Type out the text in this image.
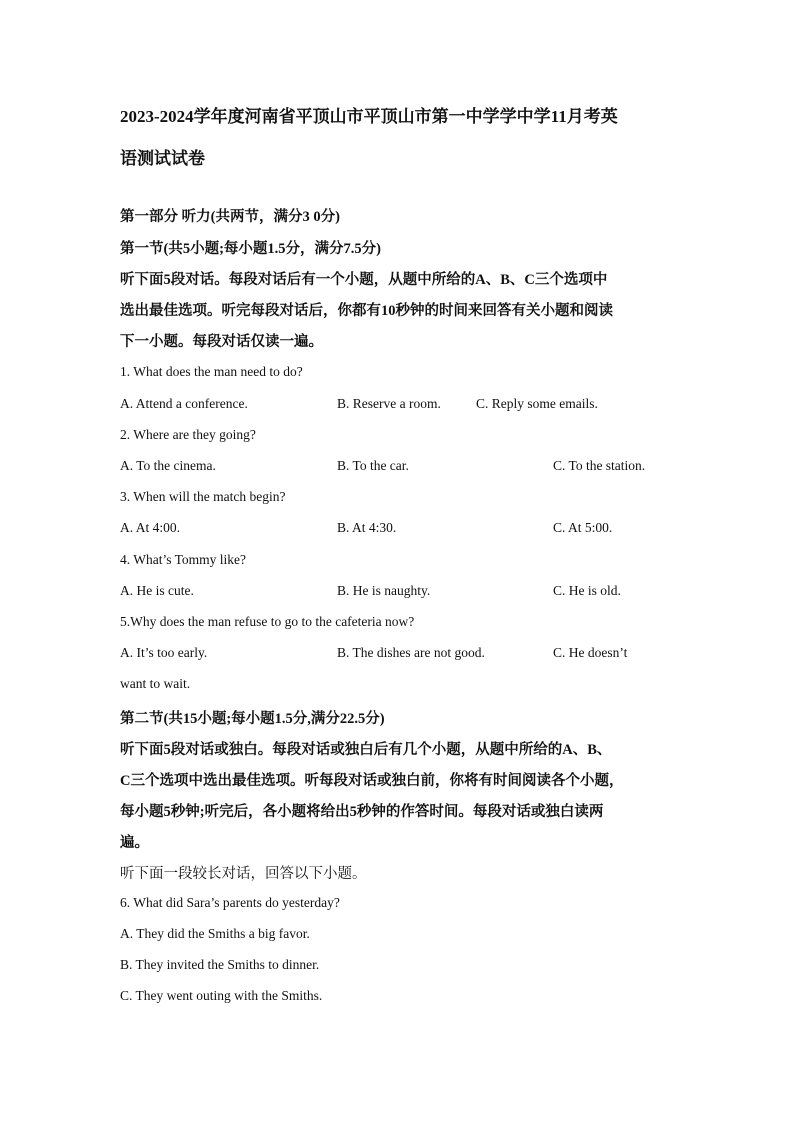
2023-2024学年度河南省平顶山市平顶山市第一中学学中学11月考英
语测试试卷
第一部分 听力(共两节，满分3 0分)
第一节(共5小题;每小题1.5分，满分7.5分)
听下面5段对话。每段对话后有一个小题，从题中所给的A、B、C三个选项中
选出最佳选项。听完每段对话后，你都有10秒钟的时间来回答有关小题和阅读
下一小题。每段对话仅读一遍。
1. What does the man need to do?
A. Attend a conference.	B. Reserve a room.	C. Reply some emails.
2. Where are they going?
A. To the cinema.	B. To the car.	C. To the station.
3. When will the match begin?
A. At 4:00.	B. At 4:30.	C. At 5:00.
4. What’s Tommy like?
A. He is cute.	B. He is naughty.	C. He is old.
5.Why does the man refuse to go to the cafeteria now?
A. It’s too early.	B. The dishes are not good.	C. He doesn’t
want to wait.
第二节(共15小题;每小题1.5分,满分22.5分)
听下面5段对话或独白。每段对话或独白后有几个小题，从题中所给的A、B、
C三个选项中选出最佳选项。听每段对话或独白前，你将有时间阅读各个小题，
每小题5秒钟;听完后，各小题将给出5秒钟的作答时间。每段对话或独白读两
遍。
听下面一段较长对话，回答以下小题。
6. What did Sara’s parents do yesterday?
A. They did the Smiths a big favor.
B. They invited the Smiths to dinner.
C. They went outing with the Smiths.
